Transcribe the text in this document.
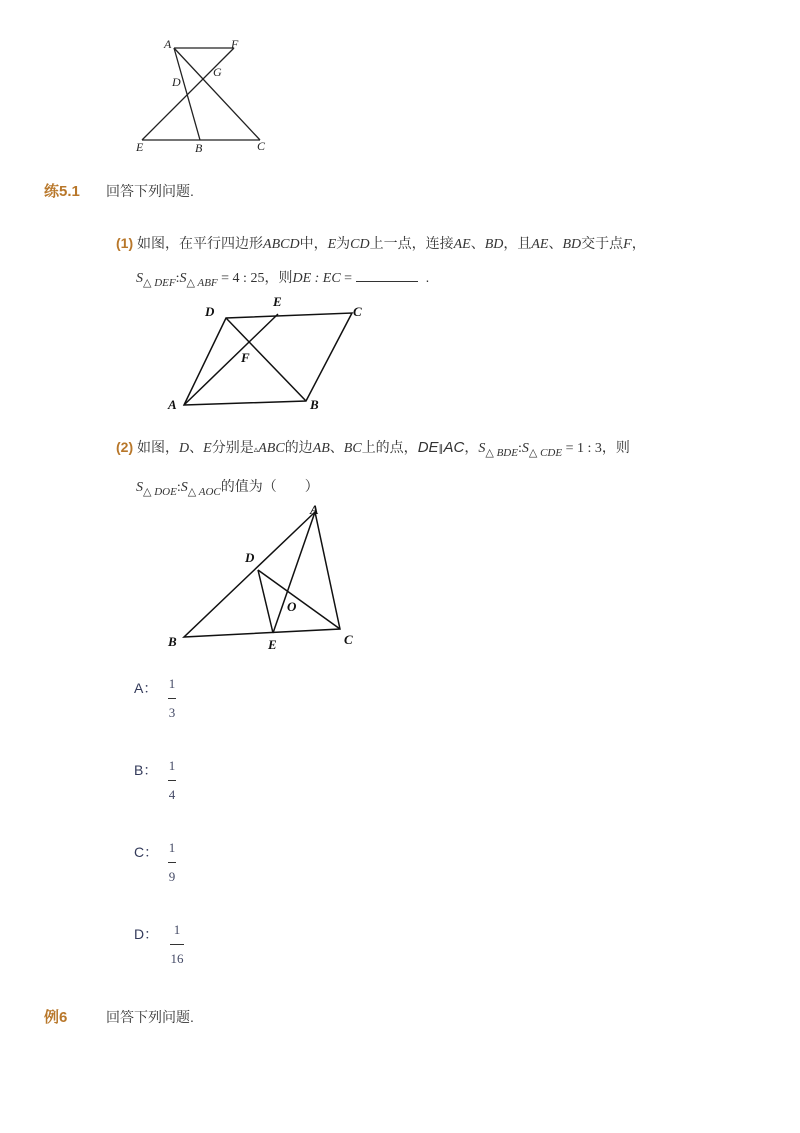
A	F
D
G
E	B	C
练5.1 回答下列问题.
(1) 如图，在平行四边形ABCD中，E为CD上一点，连接AE、BD，且AE、BD交于点F，
$S_{\triangle DEF}:S_{\triangle ABF} = 4$ : 25，则DE : EC =	.
D
E
C
F
A	B
(2) 如图，D、E分别是▵ABC的边AB、BC上的点，DE∥AC，$S_{\triangle BDE}:S_{\triangle CDE} = 1$ : 3，则
$S_{\triangle DOE}:S_{\triangle AOC}$的值为（　　）
A
D
O
B	E	C
A： 1
3
B： 1
4
C： 1
9
D：	1
16
例6	回答下列问题.
